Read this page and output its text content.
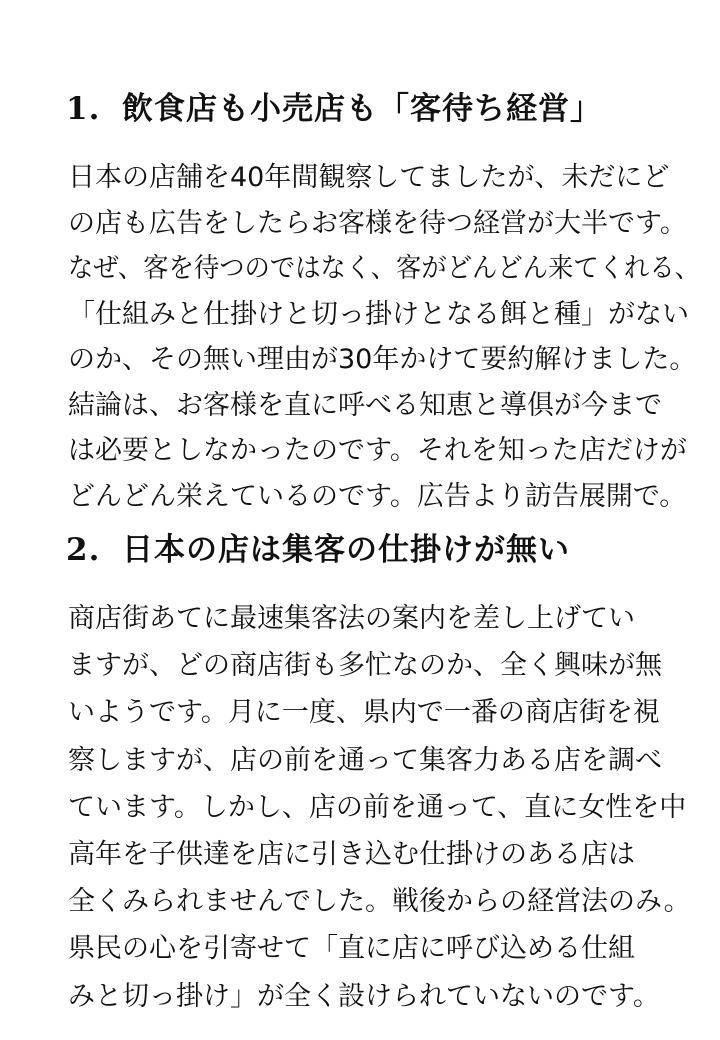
1. 飲食店も小売店も「客待ち経営」
日本の店舗を40年間観察してましたが、未だにど
の店も広告をしたらお客様を待つ経営が大半です。
なぜ、客を待つのではなく、客がどんどん来てくれる、
「仕組みと仕掛けと切っ掛けとなる餌と種」がない
のか、その無い理由が30年かけて要約解けました。
結論は、お客様を直に呼べる知恵と導俱が今まで
は必要としなかったのです。それを知った店だけが
どんどん栄えているのです。広告より訪告展開で。
2. 日本の店は集客の仕掛けが無い
商店街あてに最速集客法の案内を差し上げてい
ますが、どの商店街も多忙なのか、全く興味が無
いようです。月に一度、県内で一番の商店街を視
察しますが、店の前を通って集客力ある店を調べ
ています。しかし、店の前を通って、直に女性を中
高年を子供達を店に引き込む仕掛けのある店は
全くみられませんでした。戦後からの経営法のみ。
県民の心を引寄せて「直に店に呼び込める仕組
みと切っ掛け」が全く設けられていないのです。
